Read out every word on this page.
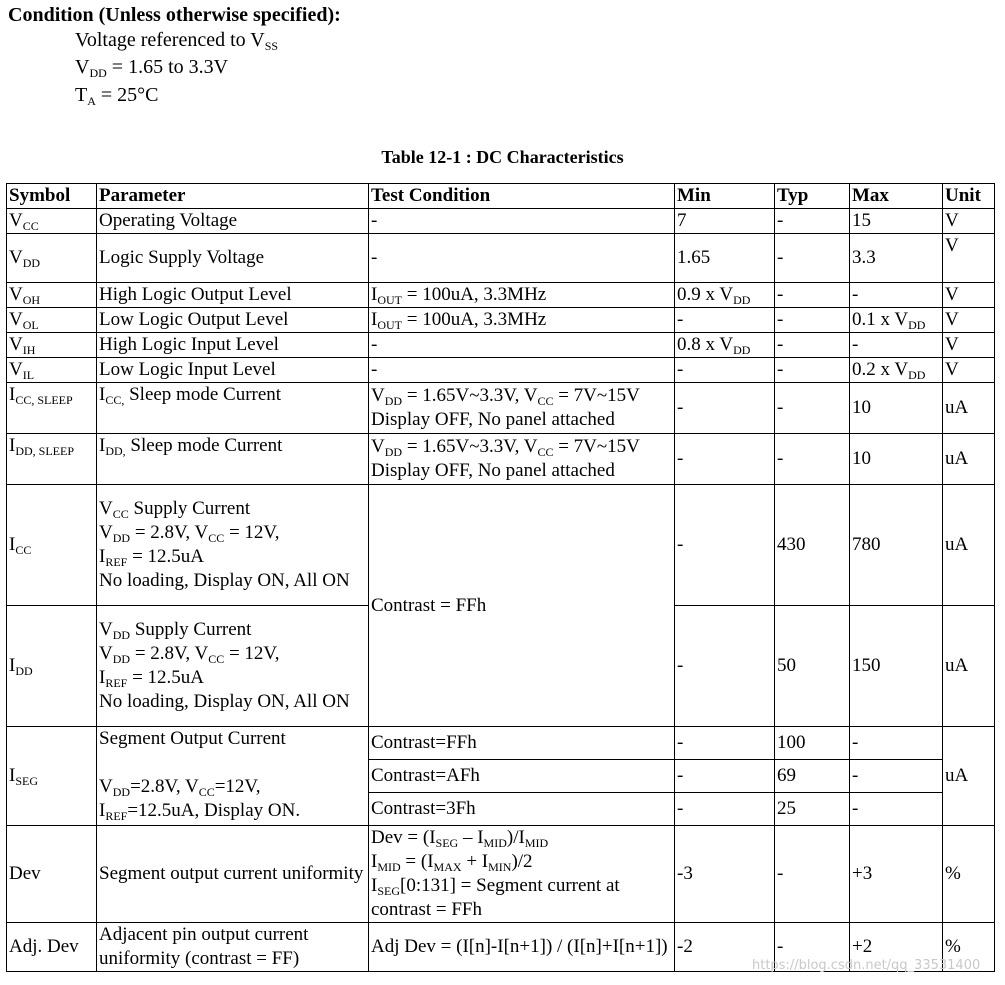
Condition (Unless otherwise specified):
Voltage referenced to $V_{SS}$
$V_{DD} = 1.65$ to 3.3V
$T_A = 25^\circ C$
Table 12-1 : DC Characteristics
Symbol	Parameter	Test Condition	Min	Typ	Max	Unit
$V_{CC}$	Operating Voltage	-	7	-	15	V
$V_{DD}$	Logic Supply Voltage	-	1.65	-	3.3	V
$V_{OH}$	High Logic Output Level	$I_{OUT} = 100uA$, 3.3MHz	0.9 x $V_{DD}$	-	-	V
$V_{OL}$	Low Logic Output Level	$I_{OUT} = 100uA$, 3.3MHz	-	-	0.1 x $V_{DD}$	V
$V_{IH}$	High Logic Input Level	-	0.8 x $V_{DD}$	-	-	V
$V_{IL}$	Low Logic Input Level	-	-	-	0.2 x $V_{DD}$	V
$I_{CC, SLEEP}$	$I_{CC,}$ Sleep mode Current	$V_{DD}$ = 1.65V~3.3V, $V_{CC}$ = 7V~15V
Display OFF, No panel attached	-	-	10	uA
$I_{DD, SLEEP}$	$I_{DD,}$ Sleep mode Current	$V_{DD}$ = 1.65V~3.3V, $V_{CC}$ = 7V~15V
Display OFF, No panel attached	-	-	10	uA
$I_{CC}$	$V_{CC}$ Supply Current
$V_{DD} = 2.8V$, $V_{CC} = 12V$,
$I_{REF} = 12.5uA$
No loading, Display ON, All ON	Contrast = FFh	-	430	780	uA
$I_{DD}$	$V_{DD}$ Supply Current
$V_{DD} = 2.8V$, $V_{CC} = 12V$,
$I_{REF} = 12.5uA$
No loading, Display ON, All ON		-	50	150	uA
$I_{SEG}$	Segment Output Current
$V_{DD}=2.8V$, $V_{CC}=12V$,
$I_{REF}=12.5uA$, Display ON.	Contrast=FFh	-	100	-	uA
		Contrast=AFh	-	69	-	
		Contrast=3Fh	-	25	-	
Dev	Segment output current uniformity	Dev = $(I_{SEG} - I_{MID})/I_{MID}$
$I_{MID} = (I_{MAX} + I_{MIN})/2$
$I_{SEG}[0:131]$ = Segment current at contrast = FFh	-3	-	+3	%
Adj. Dev	Adjacent pin output current uniformity (contrast = FF)	Adj Dev = (I[n]-I[n+1]) / (I[n]+I[n+1])	-2	-	+2	%
https://blog.csdn.net/qq_33531400
